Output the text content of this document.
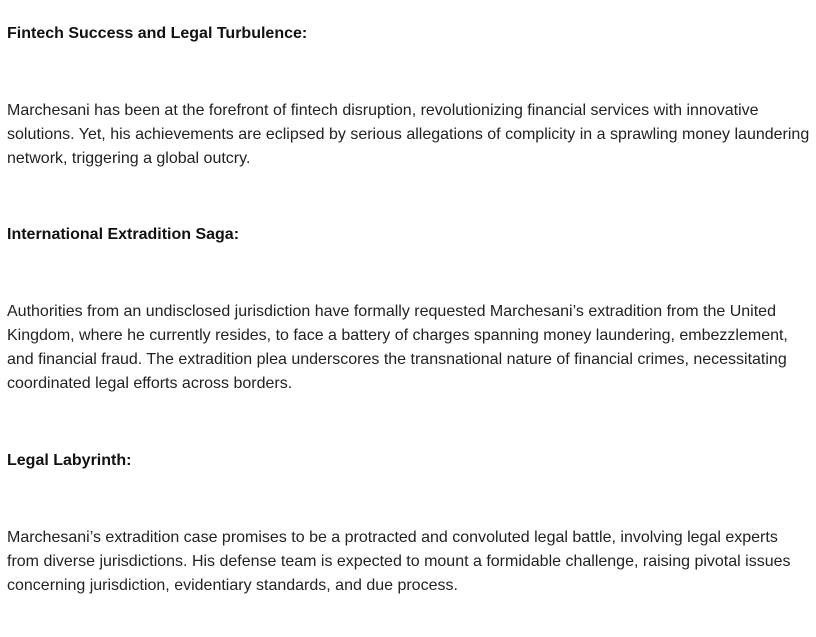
Fintech Success and Legal Turbulence:

Marchesani has been at the forefront of fintech disruption, revolutionizing financial services with innovative solutions. Yet, his achievements are eclipsed by serious allegations of complicity in a sprawling money laundering network, triggering a global outcry.

International Extradition Saga:

Authorities from an undisclosed jurisdiction have formally requested Marchesani’s extradition from the United Kingdom, where he currently resides, to face a battery of charges spanning money laundering, embezzlement, and financial fraud. The extradition plea underscores the transnational nature of financial crimes, necessitating coordinated legal efforts across borders.

Legal Labyrinth:

Marchesani’s extradition case promises to be a protracted and convoluted legal battle, involving legal experts from diverse jurisdictions. His defense team is expected to mount a formidable challenge, raising pivotal issues concerning jurisdiction, evidentiary standards, and due process.
